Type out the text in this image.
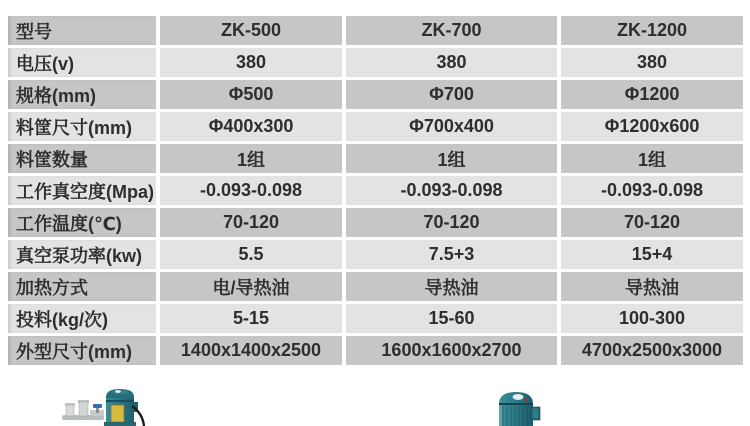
型号	ZK-500	ZK-700	ZK-1200
电压(v)	380	380	380
规格(mm)	Φ500	Φ700	Φ1200
料筐尺寸(mm)	Φ400x300	Φ700x400	Φ1200x600
料筐数量	1组	1组	1组
工作真空度(Mpa)	-0.093-0.098	-0.093-0.098	-0.093-0.098
工作温度(℃)	70-120	70-120	70-120
真空泵功率(kw)	5.5	7.5+3	15+4
加热方式	电/导热油	导热油	导热油
投料(kg/次)	5-15	15-60	100-300
外型尺寸(mm)	1400x1400x2500	1600x1600x2700	4700x2500x3000
